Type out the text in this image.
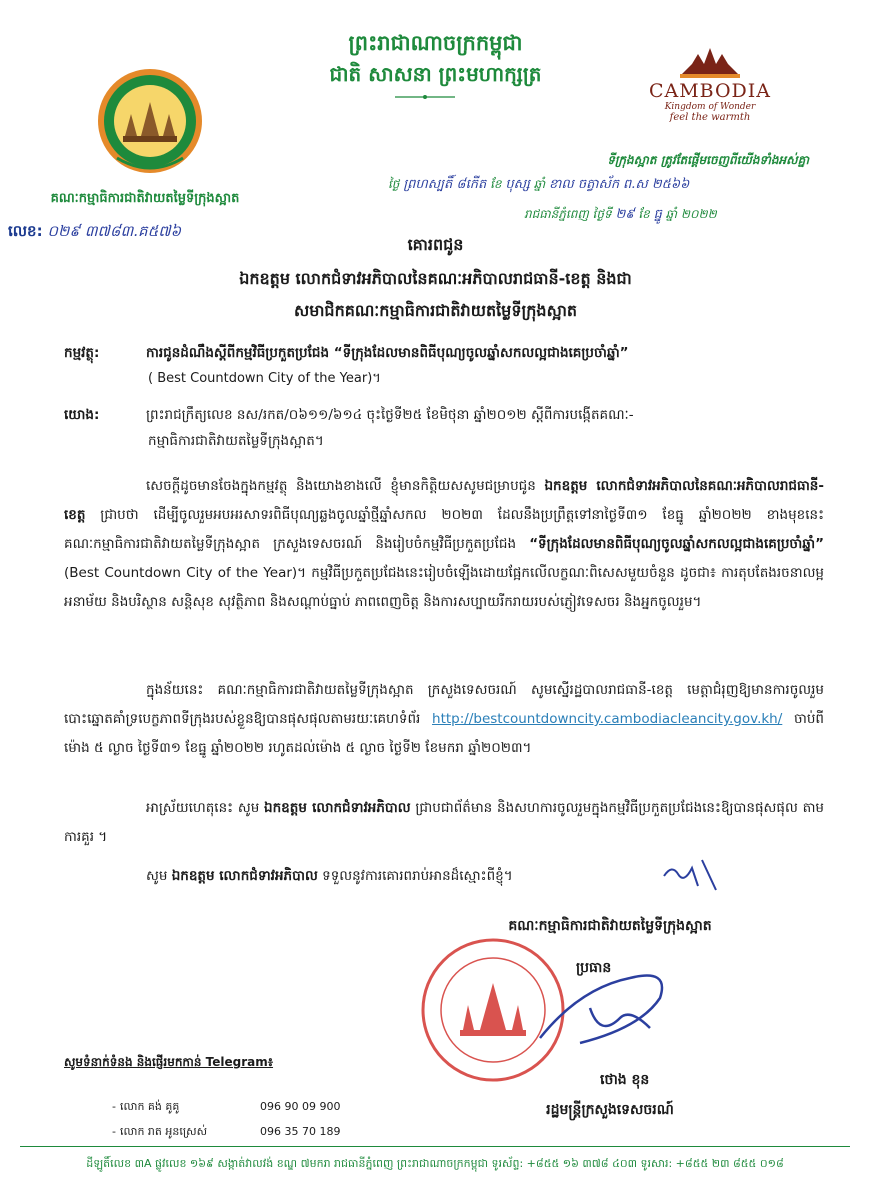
ព្រះរាជាណាចក្រកម្ពុជា
ជាតិ សាសនា ព្រះមហាក្សត្រ
គណៈកម្មាធិការជាតិវាយតម្លៃទីក្រុងស្អាត
លេខ: ០២៩ ៣៧៨៣.គ៥៧៦
CAMBODIA
Kingdom of Wonder
feel the warmth
ទីក្រុងស្អាត ត្រូវតែផ្ដើមចេញពីយើងទាំងអស់គ្នា
ថ្ងៃ ព្រហស្បតិ៍ ៨កើត ខែ បុស្ស ឆ្នាំ ខាល ចត្វាស័ក ព.ស ២៥៦៦
រាជធានីភ្នំពេញ ថ្ងៃទី ២៩ ខែ ធ្នូ ឆ្នាំ ២០២២
គោរពជូន
ឯកឧត្តម លោកជំទាវអភិបាលនៃគណៈអភិបាលរាជធានី-ខេត្ត និងជា
សមាជិកគណៈកម្មាធិការជាតិវាយតម្លៃទីក្រុងស្អាត
កម្មវត្ថុ:	ការជូនដំណឹងស្តីពីកម្មវិធីប្រកួតប្រជែង “ទីក្រុងដែលមានពិធីបុណ្យចូលឆ្នាំសកលល្អជាងគេប្រចាំឆ្នាំ”
( Best Countdown City of the Year)។
យោង:	ព្រះរាជក្រឹត្យលេខ នស/រកត/០៦១១/៦១៤ ចុះថ្ងៃទី២៥ ខែមិថុនា ឆ្នាំ២០១២ ស្តីពីការបង្កើតគណៈ-
កម្មាធិការជាតិវាយតម្លៃទីក្រុងស្អាត។
សេចក្តីដូចមានចែងក្នុងកម្មវត្ថុ និងយោងខាងលើ ខ្ញុំមានកិត្តិយសសូមជម្រាបជូន ឯកឧត្តម លោកជំទាវអភិបាលនៃគណៈអភិបាលរាជធានី-ខេត្ត ជ្រាបថា ដើម្បីចូលរួមអបអរសាទរពិធីបុណ្យឆ្លងចូលឆ្នាំថ្មីឆ្នាំសកល ២០២៣ ដែលនឹងប្រព្រឹត្តទៅនាថ្ងៃទី៣១ ខែធ្នូ ឆ្នាំ២០២២ ខាងមុខនេះ គណៈកម្មាធិការជាតិវាយតម្លៃទីក្រុងស្អាត ក្រសួងទេសចរណ៍ និងរៀបចំកម្មវិធីប្រកួតប្រជែង “ទីក្រុងដែលមានពិធីបុណ្យចូលឆ្នាំសកលល្អជាងគេប្រចាំឆ្នាំ” (Best Countdown City of the Year)។ កម្មវិធីប្រកួតប្រជែងនេះរៀបចំឡើងដោយផ្អែកលើលក្ខណៈពិសេសមួយចំនួន ដូចជា៖ ការតុបតែងរចនាលម្អ អនាម័យ និងបរិស្ថាន សន្តិសុខ សុវត្ថិភាព និងសណ្តាប់ធ្នាប់ ភាពពេញចិត្ត និងការសប្បាយរីករាយរបស់ភ្ញៀវទេសចរ និងអ្នកចូលរួម។
ក្នុងន័យនេះ គណៈកម្មាធិការជាតិវាយតម្លៃទីក្រុងស្អាត ក្រសួងទេសចរណ៍ សូមស្នើរដ្ឋបាលរាជធានី-ខេត្ត មេត្តាជំរុញឱ្យមានការចូលរួមបោះឆ្នោតគាំទ្របេក្ខភាពទីក្រុងរបស់ខ្លួនឱ្យបានផុសផុលតាមរយៈគេហទំព័រ http://bestcountdowncity.cambodiacleancity.gov.kh/ ចាប់ពីម៉ោង ៥ ល្ងាច ថ្ងៃទី៣១ ខែធ្នូ ឆ្នាំ២០២២ រហូតដល់ម៉ោង ៥ ល្ងាច ថ្ងៃទី២ ខែមករា ឆ្នាំ២០២៣។
អាស្រ័យហេតុនេះ សូម ឯកឧត្តម លោកជំទាវអភិបាល ជ្រាបជាព័ត៌មាន និងសហការចូលរួមក្នុងកម្មវិធីប្រកួតប្រជែងនេះឱ្យបានផុសផុល តាមការគួរ ។
សូម ឯកឧត្តម លោកជំទាវអភិបាល ទទួលនូវការគោរពរាប់អានដ៏ស្មោះពីខ្ញុំ។
គណៈកម្មាធិការជាតិវាយតម្លៃទីក្រុងស្អាត
ប្រធាន
ថោង ខុន
រដ្ឋមន្ត្រីក្រសួងទេសចរណ៍
សូមទំនាក់ទំនង និងផ្ញើរមកកាន់ Telegram៖
- លោក គង់ គូគូ	096 90 09 900
- លោក រាត អូនស្រេស់	096 35 70 189
ដីឡូតិ៍លេខ ៣A ផ្លូវលេខ ១៦៩ សង្កាត់វាលវង់ ខណ្ឌ ៧មករា រាជធានីភ្នំពេញ ព្រះរាជាណាចក្រកម្ពុជា ទូរស័ព្ទ: +៨៥៥ ១៦ ៣៧៨ ៤០៣ ទូរសារ: +៨៥៥ ២៣ ៨៥៥ ០១៨
